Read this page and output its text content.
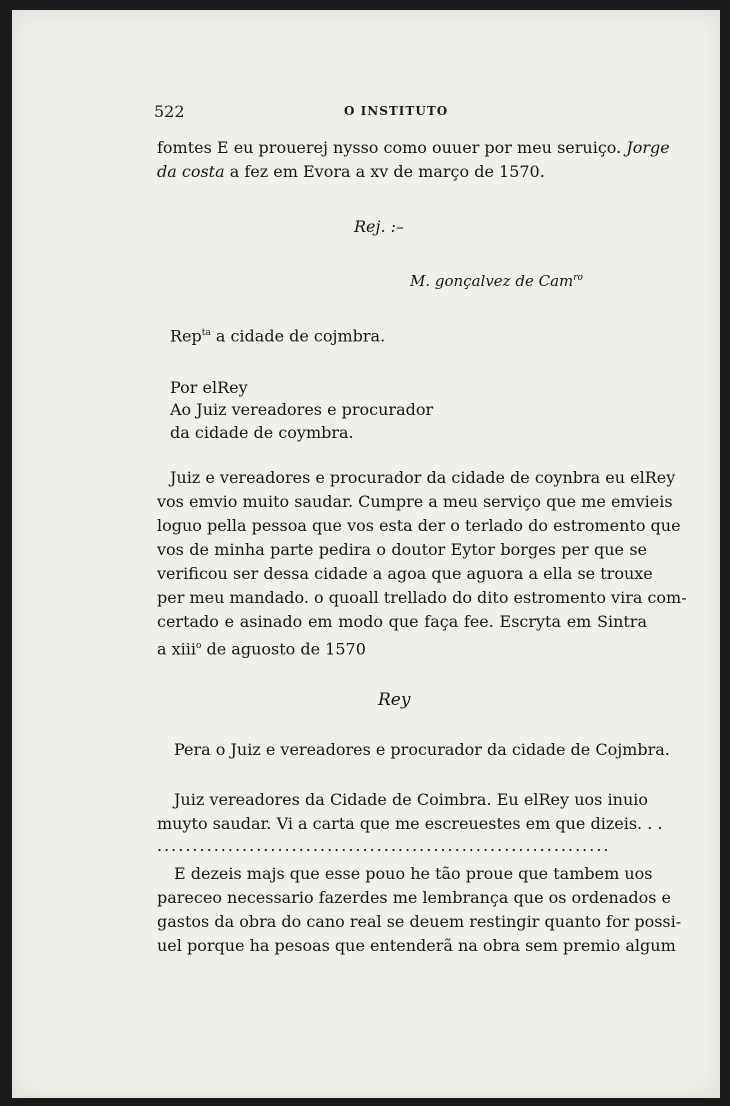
522	O INSTITUTO
fomtes E eu prouerej nysso como ouuer por meu seruiço. Jorge
da costa a fez em Evora a xv de março de 1570.
Rej. :–
M. gonçalvez de Cam$^{ro}$
Rep$^{ta}$ a cidade de cojmbra.
Por elRey
Ao Juiz vereadores e procurador
da cidade de coymbra.
Juiz e vereadores e procurador da cidade de coynbra eu elRey
vos emvio muito saudar. Cumpre a meu serviço que me emvieis
loguo pella pessoa que vos esta der o terlado do estromento que
vos de minha parte pedira o doutor Eytor borges per que se
verificou ser dessa cidade a agoa que aguora a ella se trouxe
per meu mandado. o quoall trellado do dito estromento vira com-
certado e asinado em modo que faça fee. Escryta em Sintra
a xiii$^o$ de aguosto de 1570
Rey
Pera o Juiz e vereadores e procurador da cidade de Cojmbra.
Juiz vereadores da Cidade de Coimbra. Eu elRey uos inuio
muyto saudar. Vi a carta que me escreuestes em que dizeis. . .
................................................................
E dezeis majs que esse pouo he tão proue que tambem uos
pareceo necessario fazerdes me lembrança que os ordenados e
gastos da obra do cano real se deuem restingir quanto for possi-
uel porque ha pesoas que entenderã na obra sem premio algum
